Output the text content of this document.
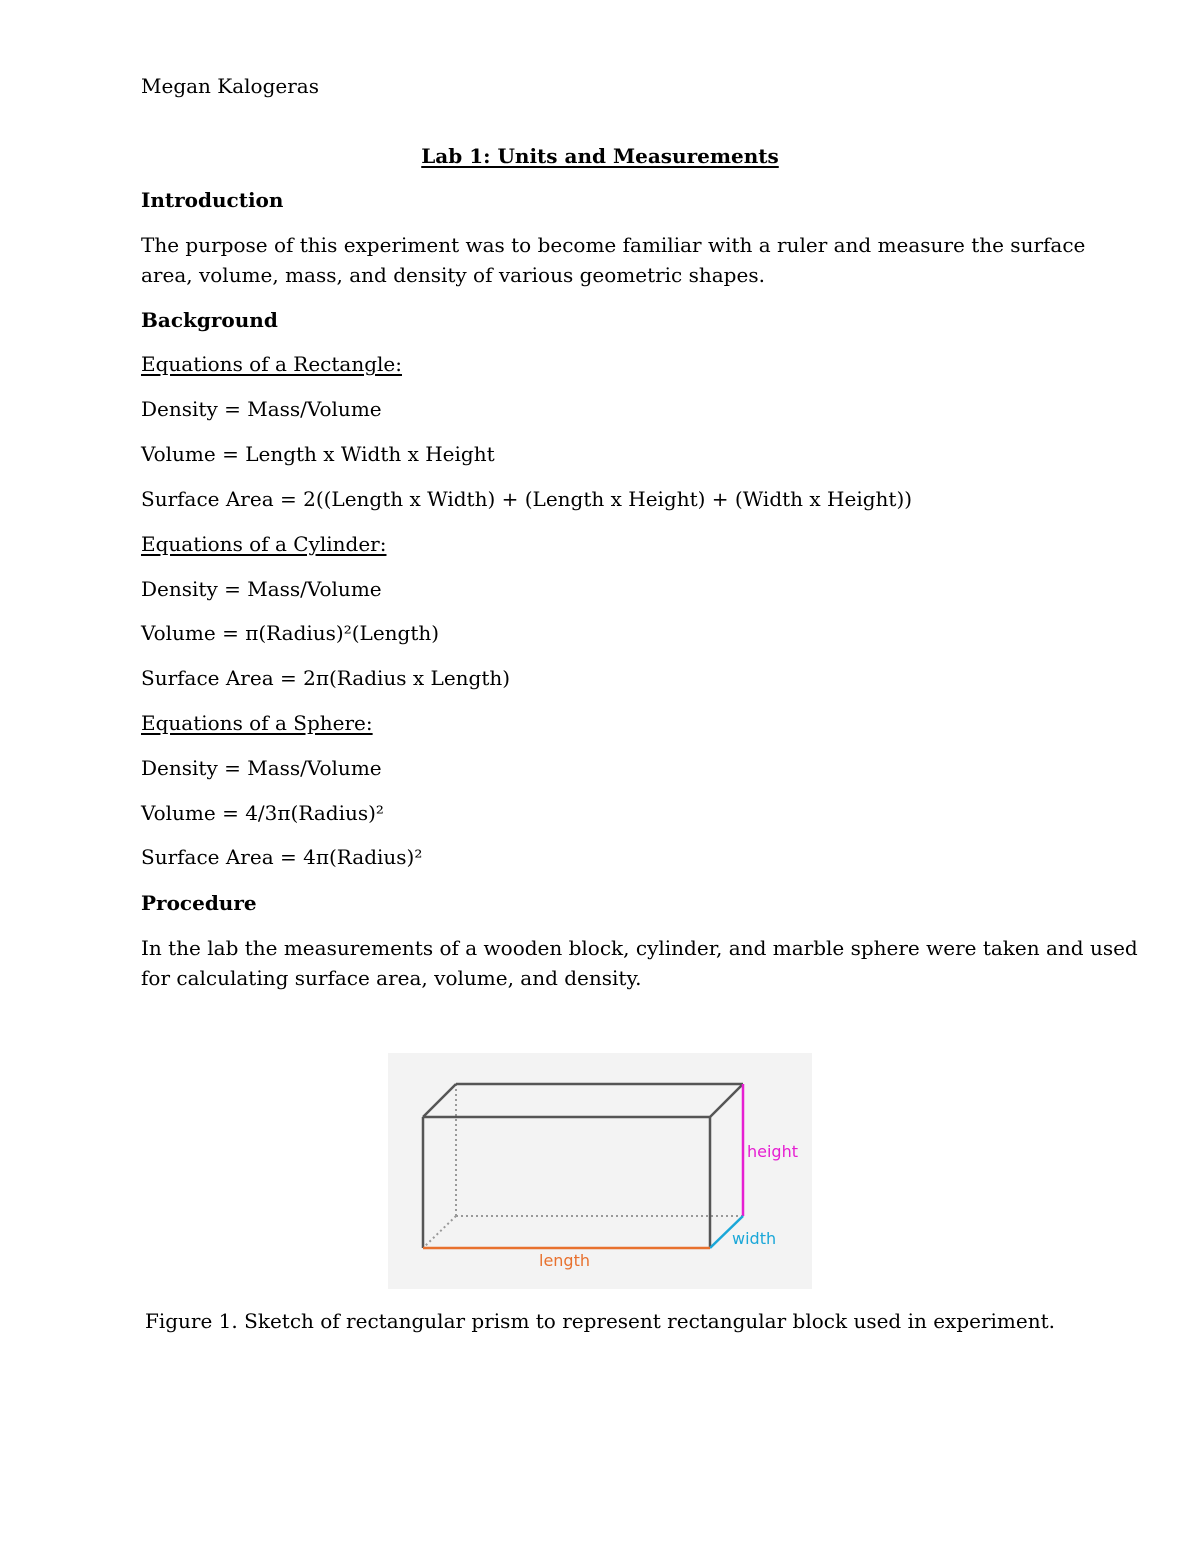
Megan Kalogeras
Lab 1: Units and Measurements
Introduction
The purpose of this experiment was to become familiar with a ruler and measure the surface
area, volume, mass, and density of various geometric shapes.
Background
Equations of a Rectangle:
Density = Mass/Volume
Volume = Length x Width x Height
Surface Area = 2((Length x Width) + (Length x Height) + (Width x Height))
Equations of a Cylinder:
Density = Mass/Volume
Volume = π(Radius)²(Length)
Surface Area = 2π(Radius x Length)
Equations of a Sphere:
Density = Mass/Volume
Volume = 4/3π(Radius)²
Surface Area = 4π(Radius)²
Procedure
In the lab the measurements of a wooden block, cylinder, and marble sphere were taken and used
for calculating surface area, volume, and density.
height
width
length
Figure 1. Sketch of rectangular prism to represent rectangular block used in experiment.
